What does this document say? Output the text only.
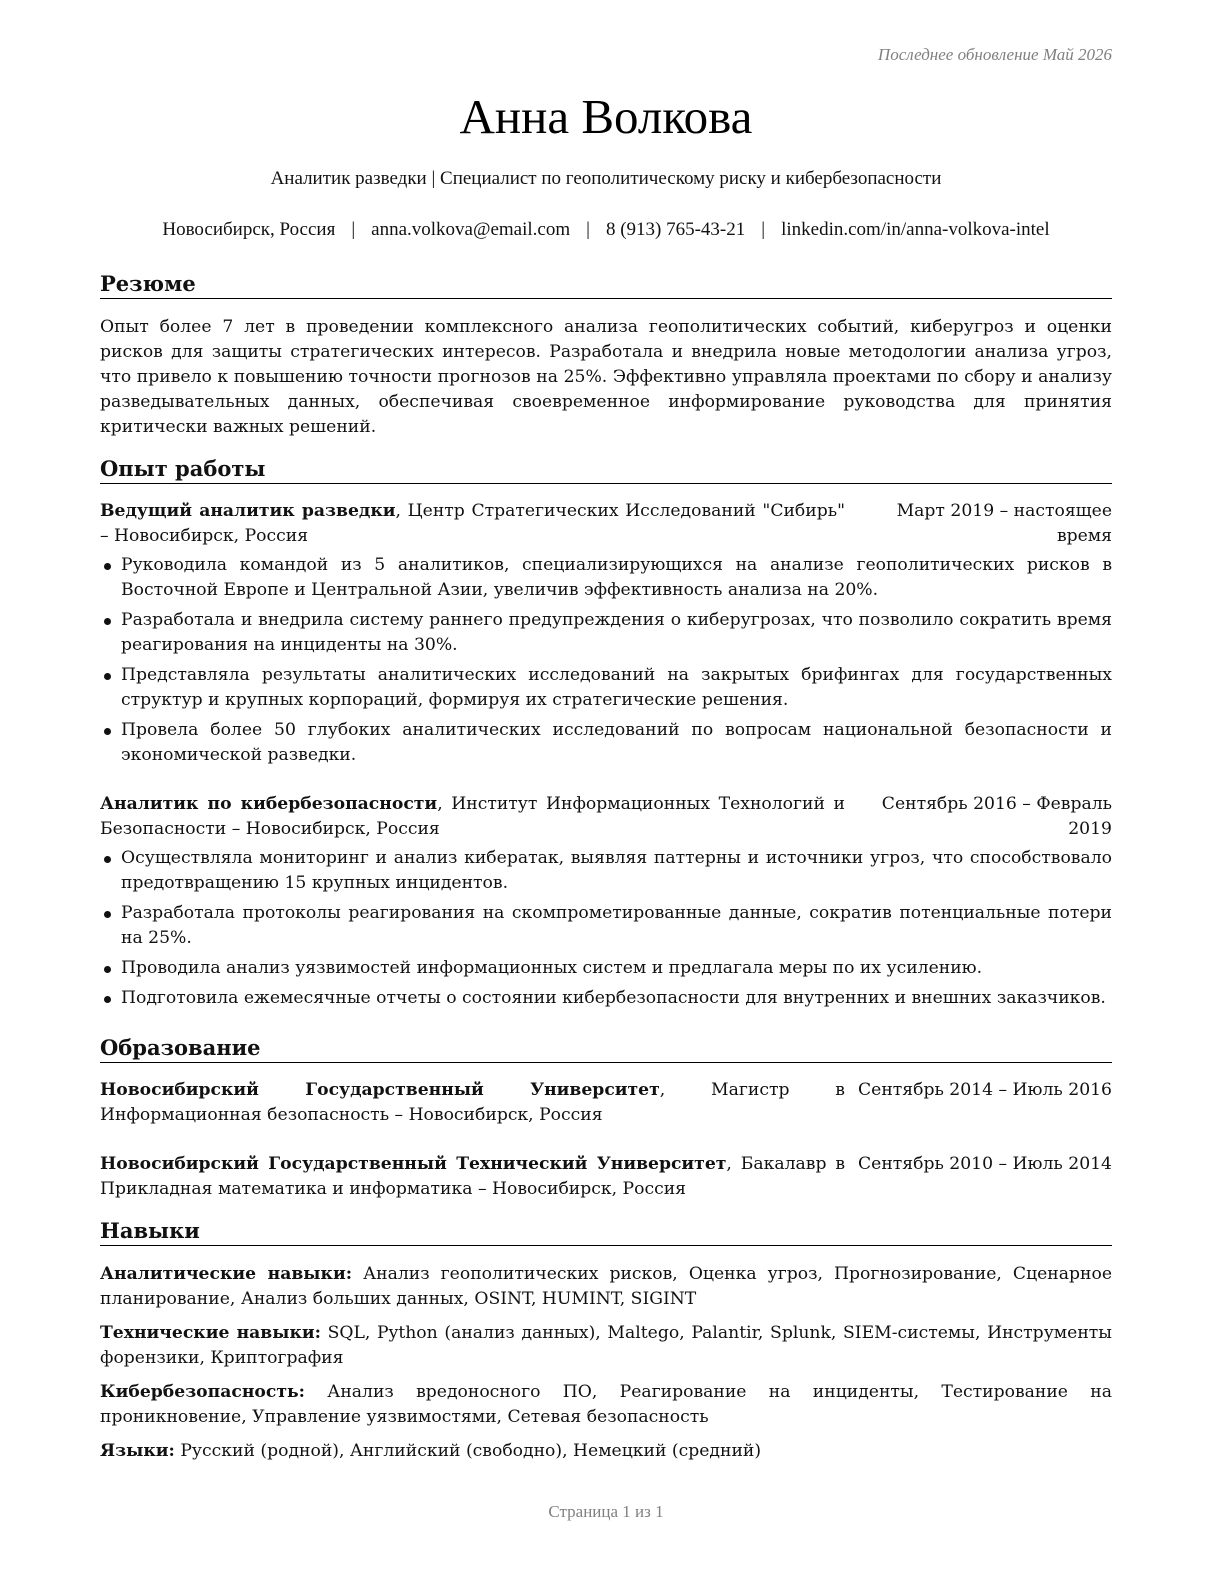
Последнее обновление Май 2026
Анна Волкова
Аналитик разведки | Специалист по геополитическому риску и кибербезопасности
Новосибирск, Россия | anna.volkova@email.com | 8 (913) 765-43-21 | linkedin.com/in/anna-volkova-intel
Резюме
Опыт более 7 лет в проведении комплексного анализа геополитических событий, киберугроз и оценки рисков для защиты стратегических интересов. Разработала и внедрила новые методологии анализа угроз, что привело к повышению точности прогнозов на 25%. Эффективно управляла проектами по сбору и анализу разведывательных данных, обеспечивая своевременное информирование руководства для принятия критически важных решений.
Опыт работы
Ведущий аналитик разведки, Центр Стратегических Исследований "Сибирь" – Новосибирск, Россия
Март 2019 – настоящее время
Руководила командой из 5 аналитиков, специализирующихся на анализе геополитических рисков в Восточной Европе и Центральной Азии, увеличив эффективность анализа на 20%.
Разработала и внедрила систему раннего предупреждения о киберугрозах, что позволило сократить время реагирования на инциденты на 30%.
Представляла результаты аналитических исследований на закрытых брифингах для государственных структур и крупных корпораций, формируя их стратегические решения.
Провела более 50 глубоких аналитических исследований по вопросам национальной безопасности и экономической разведки.
Аналитик по кибербезопасности, Институт Информационных Технологий и Безопасности – Новосибирск, Россия
Сентябрь 2016 – Февраль 2019
Осуществляла мониторинг и анализ кибератак, выявляя паттерны и источники угроз, что способствовало предотвращению 15 крупных инцидентов.
Разработала протоколы реагирования на скомпрометированные данные, сократив потенциальные потери на 25%.
Проводила анализ уязвимостей информационных систем и предлагала меры по их усилению.
Подготовила ежемесячные отчеты о состоянии кибербезопасности для внутренних и внешних заказчиков.
Образование
Новосибирский Государственный Университет, Магистр в Информационная безопасность – Новосибирск, Россия
Сентябрь 2014 – Июль 2016
Новосибирский Государственный Технический Университет, Бакалавр в Прикладная математика и информатика – Новосибирск, Россия
Сентябрь 2010 – Июль 2014
Навыки
Аналитические навыки: Анализ геополитических рисков, Оценка угроз, Прогнозирование, Сценарное планирование, Анализ больших данных, OSINT, HUMINT, SIGINT
Технические навыки: SQL, Python (анализ данных), Maltego, Palantir, Splunk, SIEM-системы, Инструменты форензики, Криптография
Кибербезопасность: Анализ вредоносного ПО, Реагирование на инциденты, Тестирование на проникновение, Управление уязвимостями, Сетевая безопасность
Языки: Русский (родной), Английский (свободно), Немецкий (средний)
Страница 1 из 1
